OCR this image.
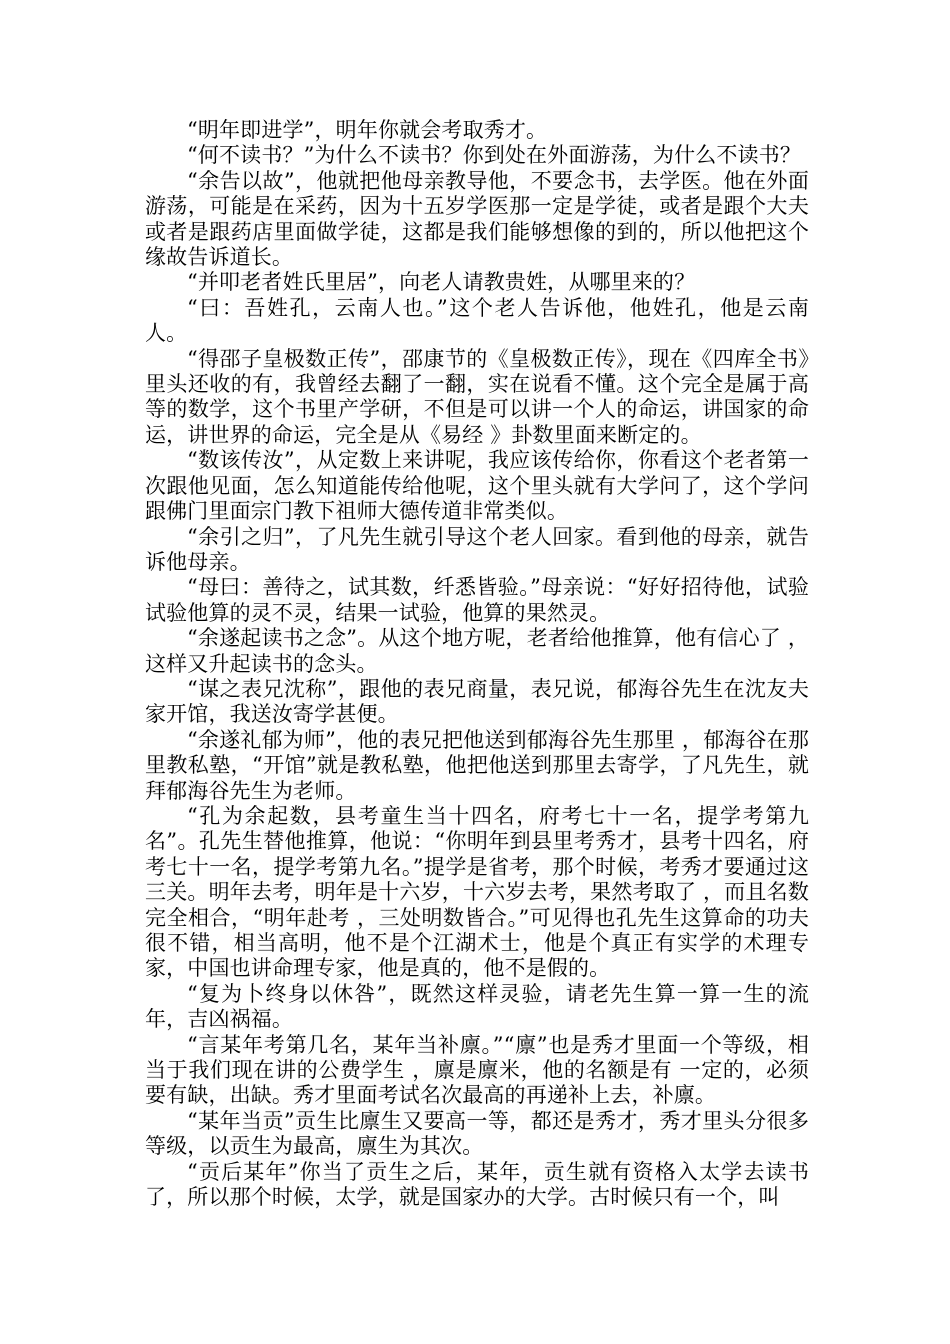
“明年即进学”，明年你就会考取秀才。

“何不读书？”为什么不读书？你到处在外面游荡，为什么不读书？

“余告以故”，他就把他母亲教导他，不要念书，去学医。他在外面游荡，可能是在采药，因为十五岁学医那一定是学徒，或者是跟个大夫或者是跟药店里面做学徒，这都是我们能够想像的到的，所以他把这个缘故告诉道长。

“并叩老者姓氏里居”，向老人请教贵姓，从哪里来的？

“曰：吾姓孔，云南人也。”这个老人告诉他，他姓孔，他是云南人。

“得邵子皇极数正传”，邵康节的《皇极数正传》，现在《四库全书》里头还收的有，我曾经去翻了一翻，实在说看不懂。这个完全是属于高等的数学，这个书里产学研，不但是可以讲一个人的命运，讲国家的命运，讲世界的命运，完全是从《易经 》卦数里面来断定的。

“数该传汝”，从定数上来讲呢，我应该传给你，你看这个老者第一次跟他见面，怎么知道能传给他呢，这个里头就有大学问了，这个学问跟佛门里面宗门教下祖师大德传道非常类似。

“余引之归”，了凡先生就引导这个老人回家。看到他的母亲，就告诉他母亲。

“母曰：善待之，试其数，纤悉皆验。”母亲说：“好好招待他，试验试验他算的灵不灵，结果一试验，他算的果然灵。

“余遂起读书之念”。从这个地方呢，老者给他推算，他有信心了 ，这样又升起读书的念头。

“谋之表兄沈称”，跟他的表兄商量，表兄说，郁海谷先生在沈友夫家开馆，我送汝寄学甚便。

“余遂礼郁为师”，他的表兄把他送到郁海谷先生那里 ，郁海谷在那里教私塾，“开馆”就是教私塾，他把他送到那里去寄学，了凡先生，就拜郁海谷先生为老师。

“孔为余起数，县考童生当十四名，府考七十一名，提学考第九名”。孔先生替他推算，他说：“你明年到县里考秀才，县考十四名，府考七十一名，提学考第九名。”提学是省考，那个时候，考秀才要通过这三关。明年去考，明年是十六岁，十六岁去考，果然考取了 ，而且名数完全相合，“明年赴考 ，三处明数皆合。”可见得也孔先生这算命的功夫很不错，相当高明，他不是个江湖术士，他是个真正有实学的术理专家，中国也讲命理专家，他是真的，他不是假的。

“复为卜终身以休咎”，既然这样灵验，请老先生算一算一生的流年，吉凶祸福。

“言某年考第几名，某年当补廪。”“廪”也是秀才里面一个等级，相当于我们现在讲的公费学生 ，廪是廪米，他的名额是有 一定的，必须要有缺，出缺。秀才里面考试名次最高的再递补上去，补廪。

“某年当贡”贡生比廪生又要高一等，都还是秀才，秀才里头分很多等级，以贡生为最高，廪生为其次。

“贡后某年”你当了贡生之后，某年，贡生就有资格入太学去读书了，所以那个时候，太学，就是国家办的大学。古时候只有一个，叫
